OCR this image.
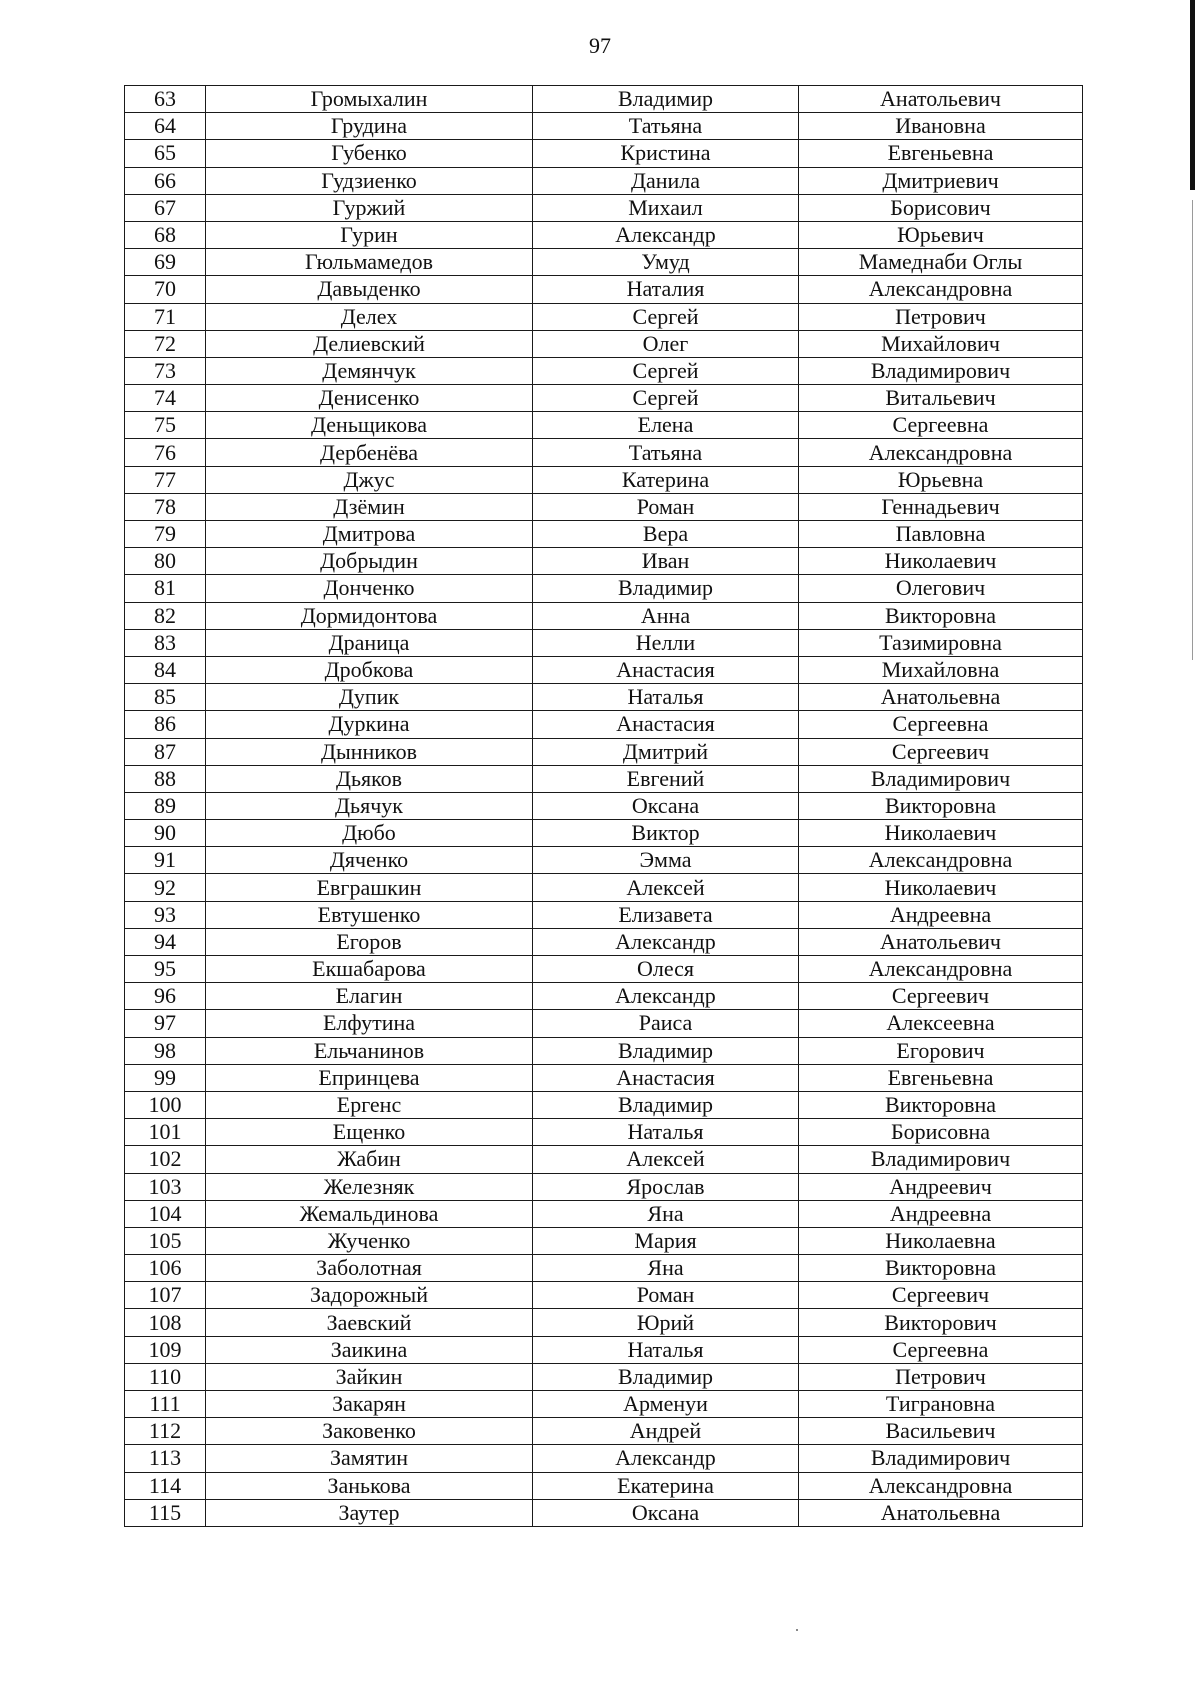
97
63	Громыхалин	Владимир	Анатольевич
64	Грудина	Татьяна	Ивановна
65	Губенко	Кристина	Евгеньевна
66	Гудзиенко	Данила	Дмитриевич
67	Гуржий	Михаил	Борисович
68	Гурин	Александр	Юрьевич
69	Гюльмамедов	Умуд	Мамеднаби Оглы
70	Давыденко	Наталия	Александровна
71	Делех	Сергей	Петрович
72	Делиевский	Олег	Михайлович
73	Демянчук	Сергей	Владимирович
74	Денисенко	Сергей	Витальевич
75	Деньщикова	Елена	Сергеевна
76	Дербенёва	Татьяна	Александровна
77	Джус	Катерина	Юрьевна
78	Дзёмин	Роман	Геннадьевич
79	Дмитрова	Вера	Павловна
80	Добрыдин	Иван	Николаевич
81	Донченко	Владимир	Олегович
82	Дормидонтова	Анна	Викторовна
83	Драница	Нелли	Тазимировна
84	Дробкова	Анастасия	Михайловна
85	Дупик	Наталья	Анатольевна
86	Дуркина	Анастасия	Сергеевна
87	Дынников	Дмитрий	Сергеевич
88	Дьяков	Евгений	Владимирович
89	Дьячук	Оксана	Викторовна
90	Дюбо	Виктор	Николаевич
91	Дяченко	Эмма	Александровна
92	Евграшкин	Алексей	Николаевич
93	Евтушенко	Елизавета	Андреевна
94	Егоров	Александр	Анатольевич
95	Екшабарова	Олеся	Александровна
96	Елагин	Александр	Сергеевич
97	Елфутина	Раиса	Алексеевна
98	Ельчанинов	Владимир	Егорович
99	Епринцева	Анастасия	Евгеньевна
100	Ергенс	Владимир	Викторовна
101	Ещенко	Наталья	Борисовна
102	Жабин	Алексей	Владимирович
103	Железняк	Ярослав	Андреевич
104	Жемальдинова	Яна	Андреевна
105	Жученко	Мария	Николаевна
106	Заболотная	Яна	Викторовна
107	Задорожный	Роман	Сергеевич
108	Заевский	Юрий	Викторович
109	Заикина	Наталья	Сергеевна
110	Зайкин	Владимир	Петрович
111	Закарян	Арменуи	Тиграновна
112	Заковенко	Андрей	Васильевич
113	Замятин	Александр	Владимирович
114	Занькова	Екатерина	Александровна
115	Заутер	Оксана	Анатольевна
